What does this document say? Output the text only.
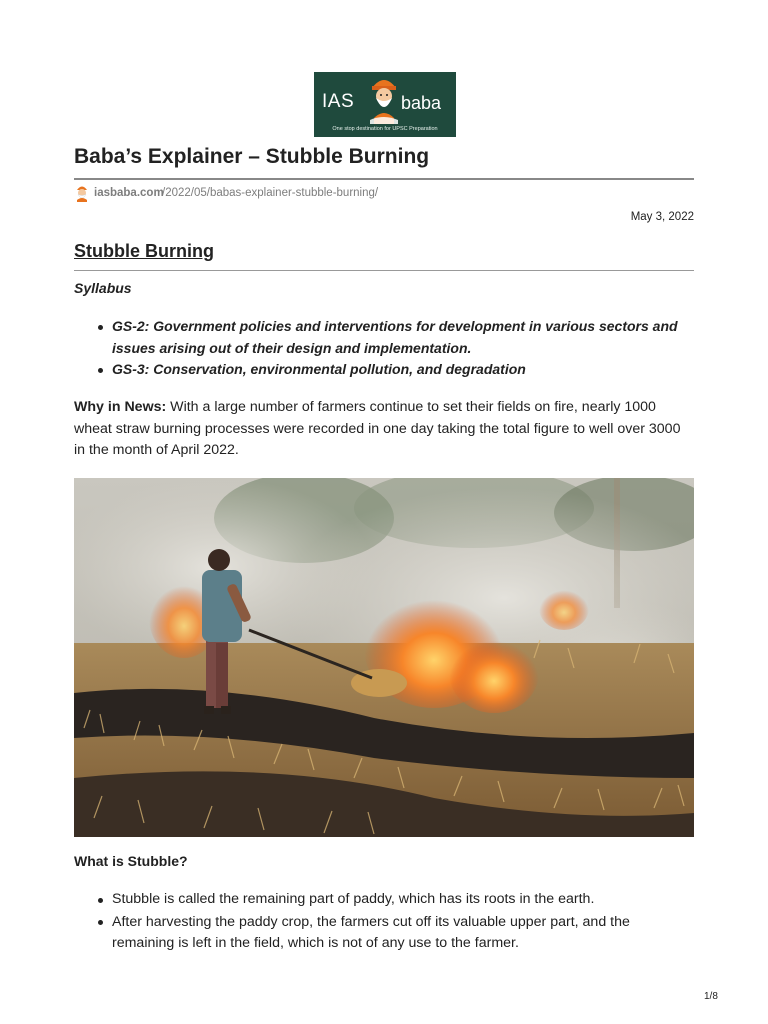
IAS	baba
One stop destination for UPSC Preparation
Baba’s Explainer – Stubble Burning
iasbaba.com
/2022/05/babas-explainer-stubble-burning/
May 3, 2022
Stubble Burning
Syllabus
GS-2: Government policies and interventions for development in various sectors and issues arising out of their design and implementation.
GS-3: Conservation, environmental pollution, and degradation

Why in News: With a large number of farmers continue to set their fields on fire, nearly 1000 wheat straw burning processes were recorded in one day taking the total figure to well over 3000 in the month of April 2022.

What is Stubble?
Stubble is called the remaining part of paddy, which has its roots in the earth.
After harvesting the paddy crop, the farmers cut off its valuable upper part, and the remaining is left in the field, which is not of any use to the farmer.
1/8
